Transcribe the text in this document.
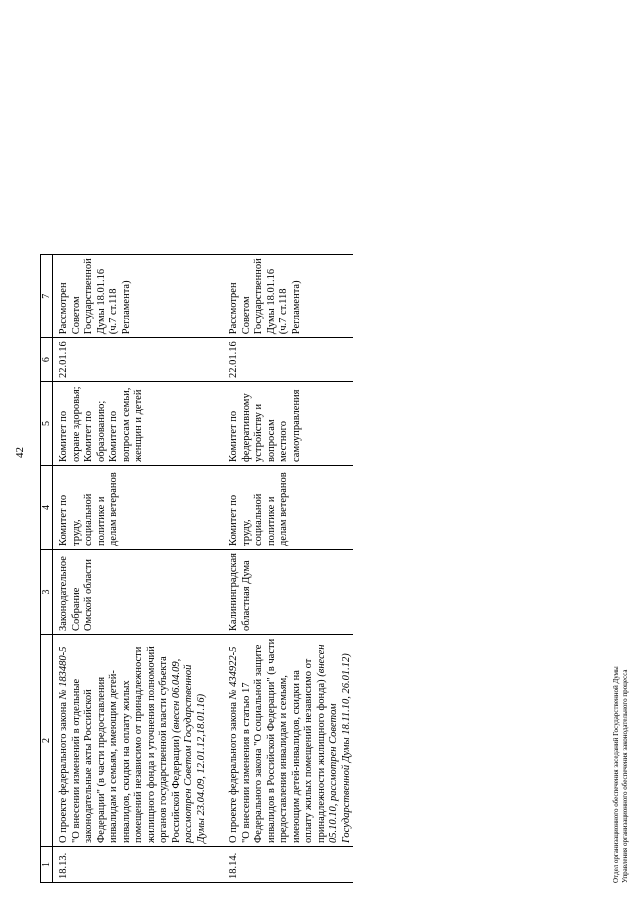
42
1	2	3	4	5	6	7
18.13.	О проекте федерального закона № 183480-5 "О внесении изменений в отдельные законодательные акты Российской Федерации" (в части предоставления инвалидам и семьям, имеющим детей-инвалидов, скидки на оплату жилых помещений независимо от принадлежности жилищного фонда и уточнения полномочий органов государственной власти субъекта Российской Федерации) (внесен 06.04.09, рассмотрен Советом Государственной Думы 23.04.09, 12.01.12,18.01.16)	Законодательное Собрание Омской области	Комитет по труду, социальной политике и делам ветеранов	Комитет по охране здоровья; Комитет по образованию; Комитет по вопросам семьи, женщин и детей	22.01.16	Рассмотрен Советом Государственной Думы 18.01.16 (ч.7 ст.118 Регламента)
18.14.	О проекте федерального закона № 434922-5 "О внесении изменения в статью 17 Федерального закона "О социальной защите инвалидов в Российской Федерации" (в части предоставления инвалидам и семьям, имеющим детей-инвалидов, скидки на оплату жилых помещений независимо от принадлежности жилищного фонда) (внесен 05.10.10, рассмотрен Советом Государственной Думы 18.11.10, 26.01.12)	Калининградская областная Дума	Комитет по труду, социальной политике и делам ветеранов	Комитет по федеративному устройству и вопросам местного самоуправления	22.01.16	Рассмотрен Советом Государственной Думы 18.01.16 (ч.7 ст.118 Регламента)
Отдел организационного обеспечения заседаний Государственной Думы Управления организационного обеспечения законодательного процесса
